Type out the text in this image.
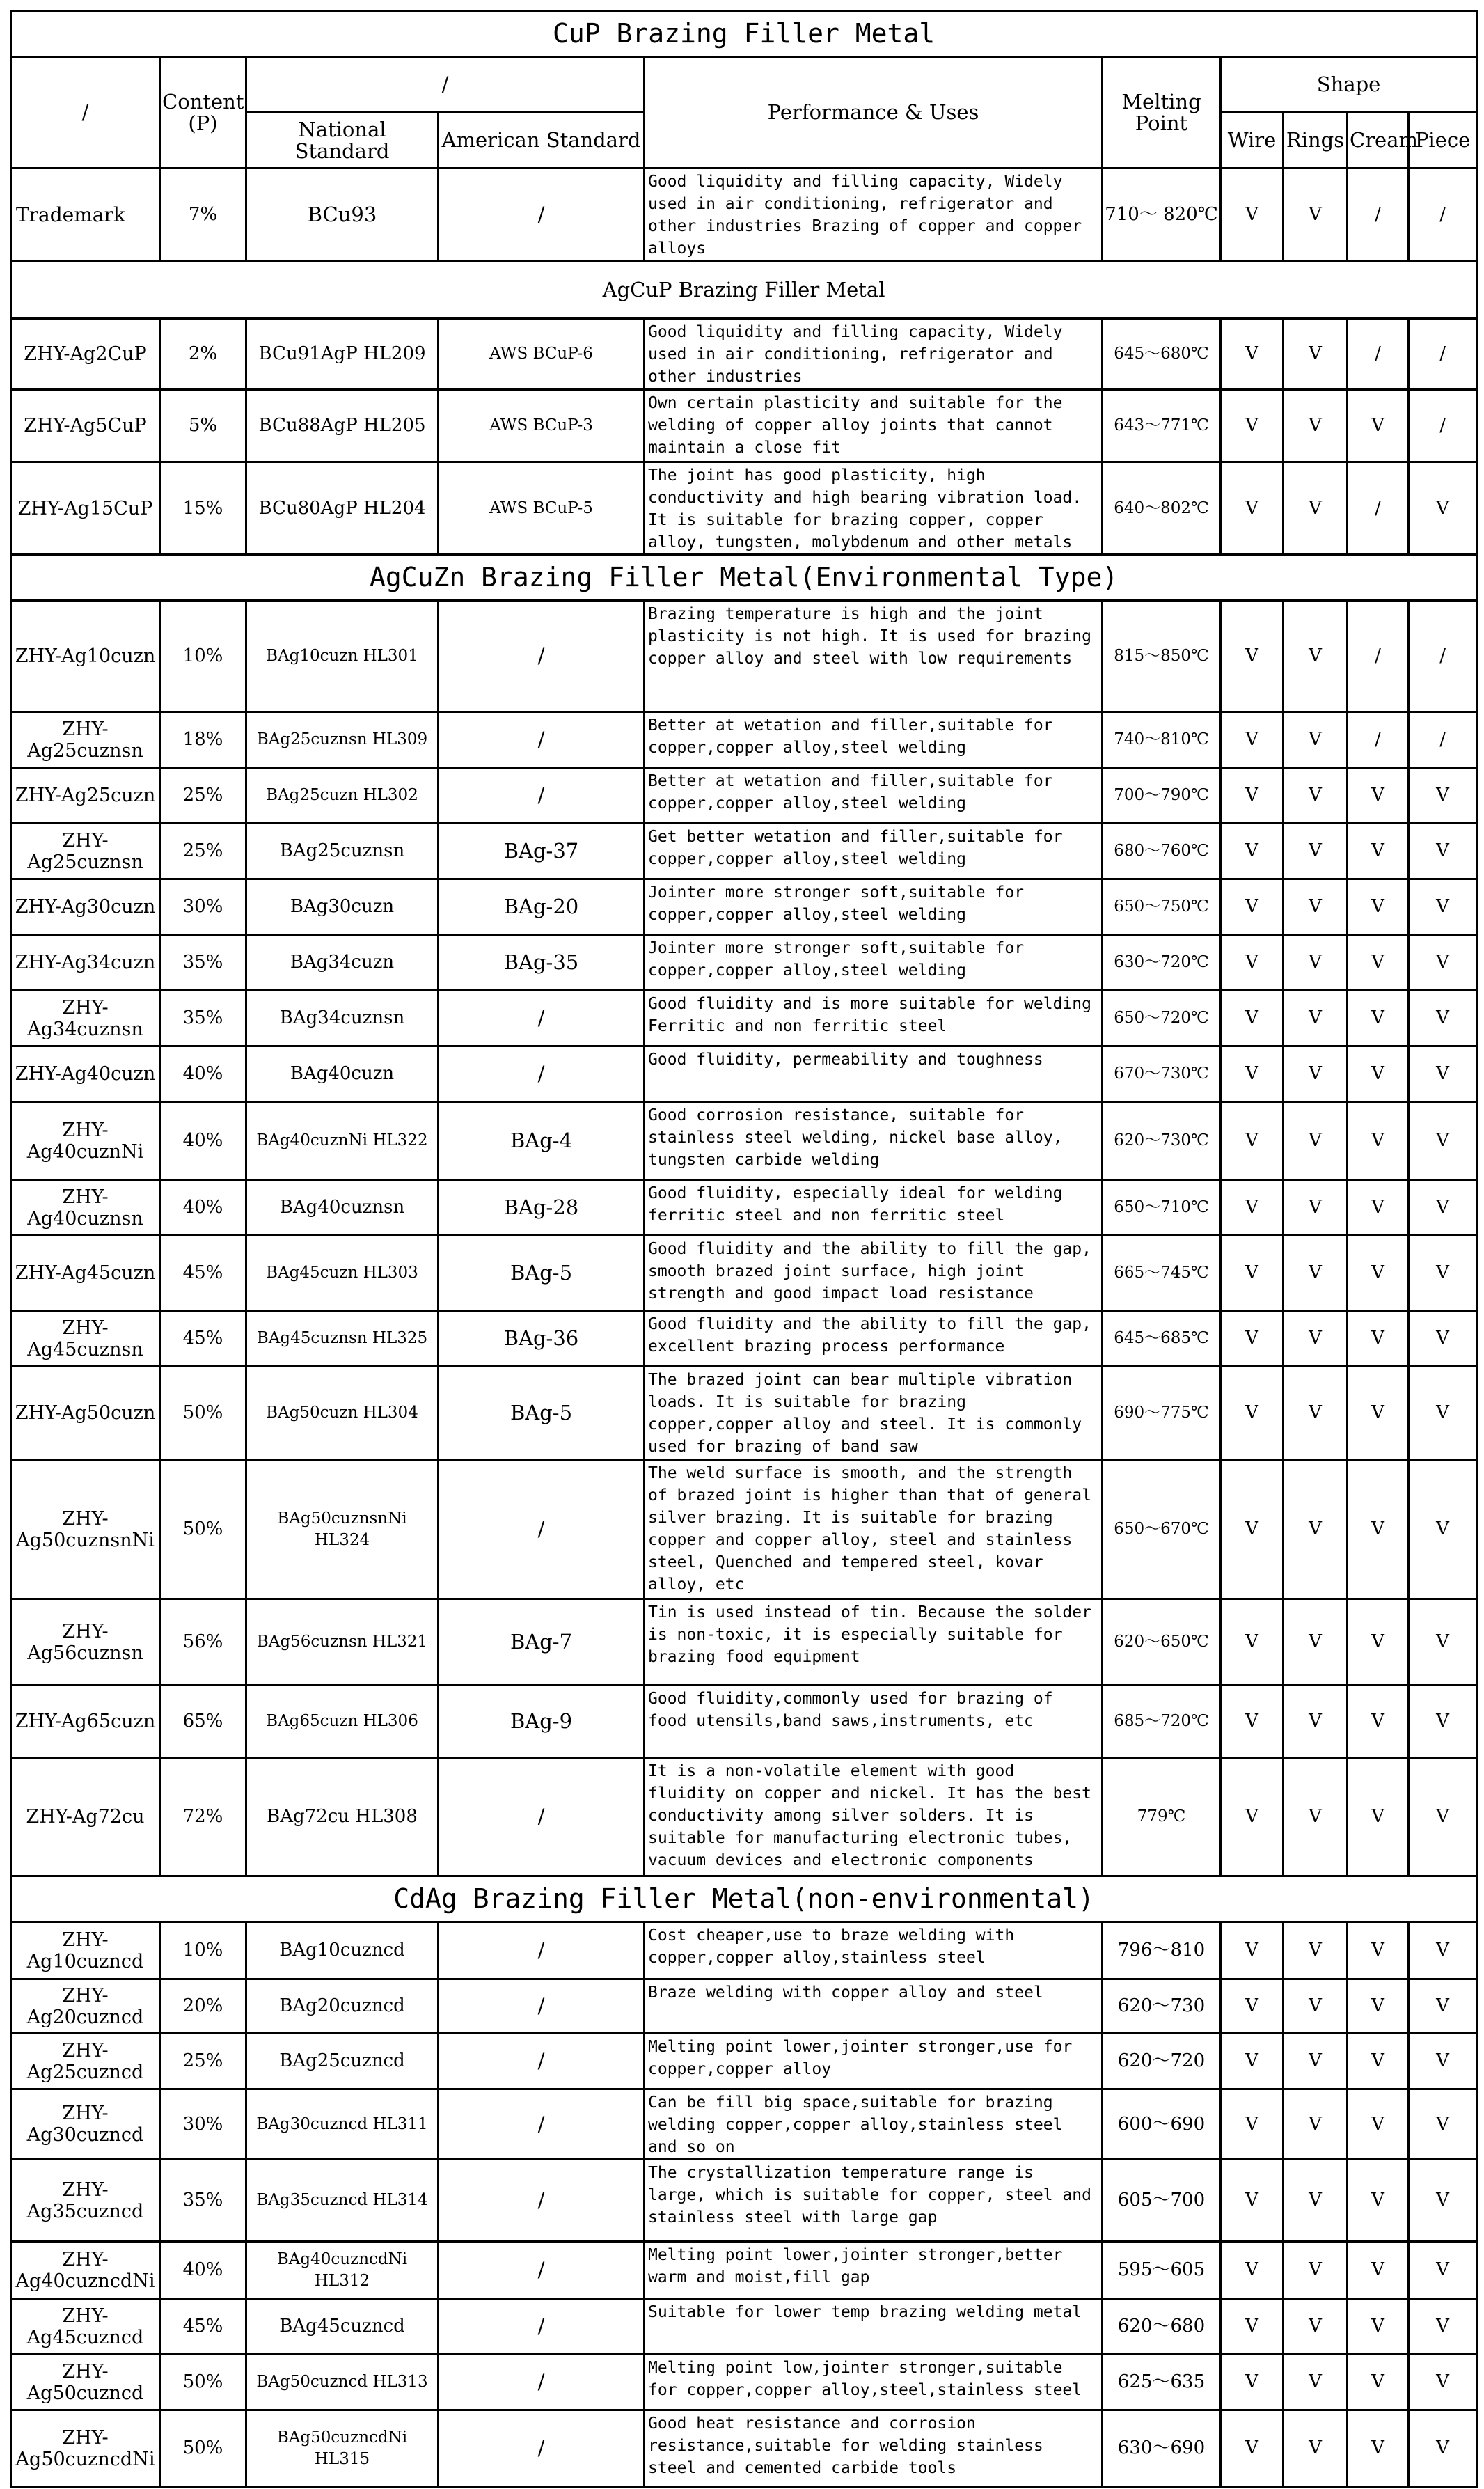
CuP Brazing Filler Metal									
/	Content (P)	/		Performance & Uses	Melting Point	Shape			
		National Standard	American Standard			Wire	Rings	Cream	Piece
Trademark	7%	BCu93	/	Good liquidity and filling capacity, Widely used in air conditioning, refrigerator and other industries Brazing of copper and copper alloys	710～ 820℃	V	V	/	/
AgCuP Brazing Filler Metal									
ZHY-Ag2CuP	2%	BCu91AgP HL209	AWS BCuP-6	Good liquidity and filling capacity, Widely used in air conditioning, refrigerator and other industries	645～680℃	V	V	/	/
ZHY-Ag5CuP	5%	BCu88AgP HL205	AWS BCuP-3	Own certain plasticity and suitable for the welding of copper alloy joints that cannot maintain a close fit	643～771℃	V	V	V	/
ZHY-Ag15CuP	15%	BCu80AgP HL204	AWS BCuP-5	The joint has good plasticity, high conductivity and high bearing vibration load. It is suitable for brazing copper, copper alloy, tungsten, molybdenum and other metals	640～802℃	V	V	/	V
AgCuZn Brazing Filler Metal(Environmental Type)									
ZHY-Ag10cuzn	10%	BAg10cuzn HL301	/	Brazing temperature is high and the joint plasticity is not high. It is used for brazing copper alloy and steel with low requirements	815～850℃	V	V	/	/
ZHY-Ag25cuznsn	18%	BAg25cuznsn HL309	/	Better at wetation and filler,suitable for copper,copper alloy,steel welding	740～810℃	V	V	/	/
ZHY-Ag25cuzn	25%	BAg25cuzn HL302	/	Better at wetation and filler,suitable for copper,copper alloy,steel welding	700～790℃	V	V	V	V
ZHY-Ag25cuznsn	25%	BAg25cuznsn	BAg-37	Get better wetation and filler,suitable for copper,copper alloy,steel welding	680～760℃	V	V	V	V
ZHY-Ag30cuzn	30%	BAg30cuzn	BAg-20	Jointer more stronger soft,suitable for copper,copper alloy,steel welding	650～750℃	V	V	V	V
ZHY-Ag34cuzn	35%	BAg34cuzn	BAg-35	Jointer more stronger soft,suitable for copper,copper alloy,steel welding	630～720℃	V	V	V	V
ZHY-Ag34cuznsn	35%	BAg34cuznsn	/	Good fluidity and is more suitable for welding Ferritic and non ferritic steel	650～720℃	V	V	V	V
ZHY-Ag40cuzn	40%	BAg40cuzn	/	Good fluidity, permeability and toughness	670～730℃	V	V	V	V
ZHY-Ag40cuznNi	40%	BAg40cuznNi HL322	BAg-4	Good corrosion resistance, suitable for stainless steel welding, nickel base alloy, tungsten carbide welding	620～730℃	V	V	V	V
ZHY-Ag40cuznsn	40%	BAg40cuznsn	BAg-28	Good fluidity, especially ideal for welding ferritic steel and non ferritic steel	650～710℃	V	V	V	V
ZHY-Ag45cuzn	45%	BAg45cuzn HL303	BAg-5	Good fluidity and the ability to fill the gap, smooth brazed joint surface, high joint strength and good impact load resistance	665～745℃	V	V	V	V
ZHY-Ag45cuznsn	45%	BAg45cuznsn HL325	BAg-36	Good fluidity and the ability to fill the gap, excellent brazing process performance	645～685℃	V	V	V	V
ZHY-Ag50cuzn	50%	BAg50cuzn HL304	BAg-5	The brazed joint can bear multiple vibration loads. It is suitable for brazing copper,copper alloy and steel. It is commonly used for brazing of band saw	690～775℃	V	V	V	V
ZHY-Ag50cuznsnNi	50%	BAg50cuznsnNi HL324	/	The weld surface is smooth, and the strength of brazed joint is higher than that of general silver brazing. It is suitable for brazing copper and copper alloy, steel and stainless steel, Quenched and tempered steel, kovar alloy, etc	650～670℃	V	V	V	V
ZHY-Ag56cuznsn	56%	BAg56cuznsn HL321	BAg-7	Tin is used instead of tin. Because the solder is non-toxic, it is especially suitable for brazing food equipment	620～650℃	V	V	V	V
ZHY-Ag65cuzn	65%	BAg65cuzn HL306	BAg-9	Good fluidity,commonly used for brazing of food utensils,band saws,instruments, etc	685～720℃	V	V	V	V
ZHY-Ag72cu	72%	BAg72cu HL308	/	It is a non-volatile element with good fluidity on copper and nickel. It has the best conductivity among silver solders. It is suitable for manufacturing electronic tubes, vacuum devices and electronic components	779℃	V	V	V	V
CdAg Brazing Filler Metal(non-environmental)									
ZHY-Ag10cuzncd	10%	BAg10cuzncd	/	Cost cheaper,use to braze welding with copper,copper alloy,stainless steel	796～810	V	V	V	V
ZHY-Ag20cuzncd	20%	BAg20cuzncd	/	Braze welding with copper alloy and steel	620～730	V	V	V	V
ZHY-Ag25cuzncd	25%	BAg25cuzncd	/	Melting point lower,jointer stronger,use for copper,copper alloy	620～720	V	V	V	V
ZHY-Ag30cuzncd	30%	BAg30cuzncd HL311	/	Can be fill big space,suitable for brazing welding copper,copper alloy,stainless steel and so on	600～690	V	V	V	V
ZHY-Ag35cuzncd	35%	BAg35cuzncd HL314	/	The crystallization temperature range is large, which is suitable for copper, steel and stainless steel with large gap	605～700	V	V	V	V
ZHY-Ag40cuzncdNi	40%	BAg40cuzncdNi HL312	/	Melting point lower,jointer stronger,better warm and moist,fill gap	595～605	V	V	V	V
ZHY-Ag45cuzncd	45%	BAg45cuzncd	/	Suitable for lower temp brazing welding metal	620～680	V	V	V	V
ZHY-Ag50cuzncd	50%	BAg50cuzncd HL313	/	Melting point low,jointer stronger,suitable for copper,copper alloy,steel,stainless steel	625～635	V	V	V	V
ZHY-Ag50cuzncdNi	50%	BAg50cuzncdNi HL315	/	Good heat resistance and corrosion resistance,suitable for welding stainless steel and cemented carbide tools	630～690	V	V	V	V
